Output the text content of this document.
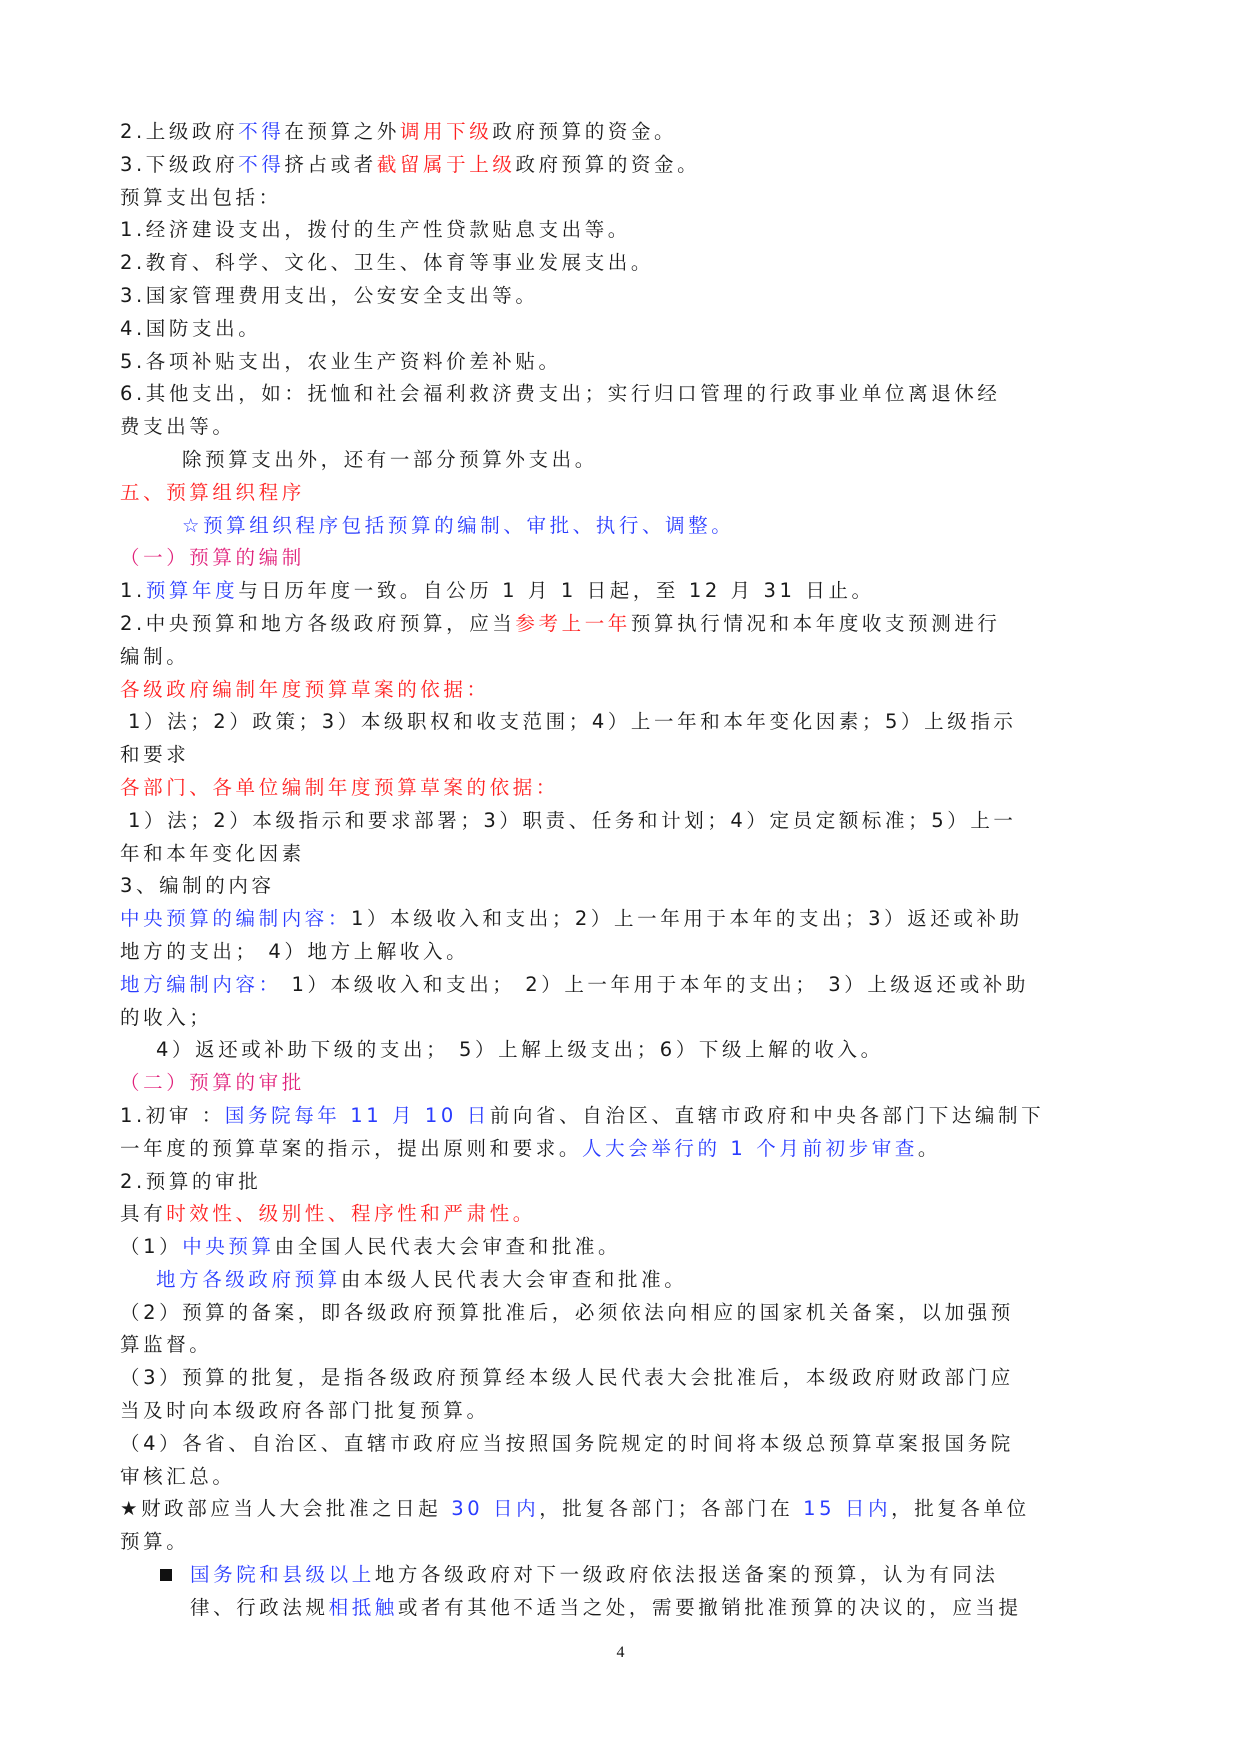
2.上级政府不得在预算之外调用下级政府预算的资金。
3.下级政府不得挤占或者截留属于上级政府预算的资金。
预算支出包括：
1.经济建设支出，拨付的生产性贷款贴息支出等。
2.教育、科学、文化、卫生、体育等事业发展支出。
3.国家管理费用支出，公安安全支出等。
4.国防支出。
5.各项补贴支出，农业生产资料价差补贴。
6.其他支出，如：抚恤和社会福利救济费支出；实行归口管理的行政事业单位离退休经
费支出等。
除预算支出外，还有一部分预算外支出。
五、预算组织程序
☆预算组织程序包括预算的编制、审批、执行、调整。
（一）预算的编制
1.预算年度与日历年度一致。自公历 1 月 1 日起，至 12 月 31 日止。
2.中央预算和地方各级政府预算，应当参考上一年预算执行情况和本年度收支预测进行
编制。
各级政府编制年度预算草案的依据：
1）法；2）政策；3）本级职权和收支范围；4）上一年和本年变化因素；5）上级指示
和要求
各部门、各单位编制年度预算草案的依据：
1）法；2）本级指示和要求部署；3）职责、任务和计划；4）定员定额标准；5）上一
年和本年变化因素
3、编制的内容
中央预算的编制内容：1）本级收入和支出；2）上一年用于本年的支出；3）返还或补助
地方的支出； 4）地方上解收入。
地方编制内容： 1）本级收入和支出； 2）上一年用于本年的支出； 3）上级返还或补助
的收入；
4）返还或补助下级的支出； 5）上解上级支出；6）下级上解的收入。
（二）预算的审批
1.初审 ：国务院每年 11 月 10 日前向省、自治区、直辖市政府和中央各部门下达编制下
一年度的预算草案的指示，提出原则和要求。人大会举行的 1 个月前初步审查。
2.预算的审批
具有时效性、级别性、程序性和严肃性。
（1）中央预算由全国人民代表大会审查和批准。
地方各级政府预算由本级人民代表大会审查和批准。
（2）预算的备案，即各级政府预算批准后，必须依法向相应的国家机关备案，以加强预
算监督。
（3）预算的批复，是指各级政府预算经本级人民代表大会批准后，本级政府财政部门应
当及时向本级政府各部门批复预算。
（4）各省、自治区、直辖市政府应当按照国务院规定的时间将本级总预算草案报国务院
审核汇总。
★财政部应当人大会批准之日起 30 日内，批复各部门；各部门在 15 日内，批复各单位
预算。
国务院和县级以上地方各级政府对下一级政府依法报送备案的预算，认为有同法
律、行政法规相抵触或者有其他不适当之处，需要撤销批准预算的决议的，应当提
4
